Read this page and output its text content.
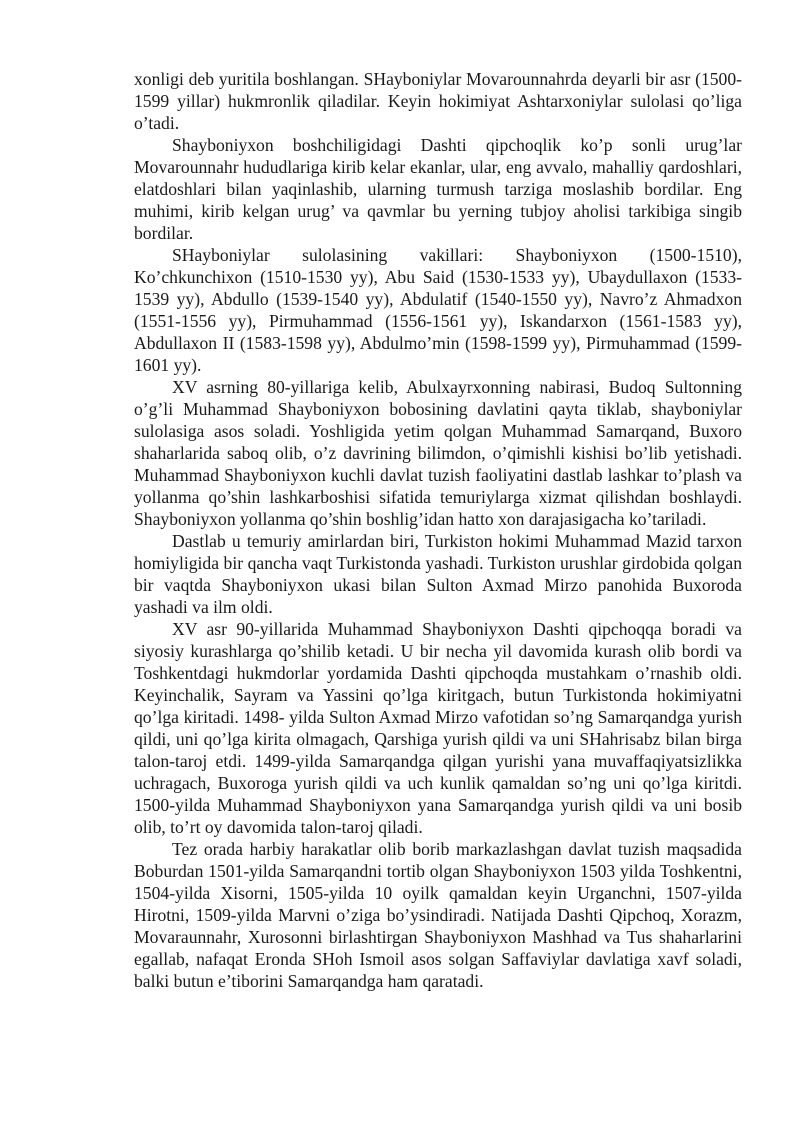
xonligi deb yuritila boshlangan. SHayboniylar Movarounnahrda deyarli bir asr (1500-1599 yillar) hukmronlik qiladilar. Keyin hokimiyat Ashtarxoniylar sulolasi qo’liga o’tadi.

Shayboniyxon boshchiligidagi Dashti qipchoqlik ko’p sonli urug’lar Movarounnahr hududlariga kirib kelar ekanlar, ular, eng avvalo, mahalliy qardoshlari, elatdoshlari bilan yaqinlashib, ularning turmush tarziga moslashib bordilar. Eng muhimi, kirib kelgan urug’ va qavmlar bu yerning tubjoy aholisi tarkibiga singib bordilar.

SHayboniylar sulolasining vakillari: Shayboniyxon (1500-1510), Ko’chkunchixon (1510-1530 yy), Abu Said (1530-1533 yy), Ubaydullaxon (1533-1539 yy), Abdullo (1539-1540 yy), Abdulatif (1540-1550 yy), Navro’z Ahmadxon (1551-1556 yy), Pirmuhammad (1556-1561 yy), Iskandarxon (1561-1583 yy), Abdullaxon II (1583-1598 yy), Abdulmo’min (1598-1599 yy), Pirmuhammad (1599-1601 yy).

XV asrning 80-yillariga kelib, Abulxayrxonning nabirasi, Budoq Sultonning o’g’li Muhammad Shayboniyxon bobosining davlatini qayta tiklab, shayboniylar sulolasiga asos soladi. Yoshligida yetim qolgan Muhammad Samarqand, Buxoro shaharlarida saboq olib, o’z davrining bilimdon, o’qimishli kishisi bo’lib yetishadi. Muhammad Shayboniyxon kuchli davlat tuzish faoliyatini dastlab lashkar to’plash va yollanma qo’shin lashkarboshisi sifatida temuriylarga xizmat qilishdan boshlaydi. Shayboniyxon yollanma qo’shin boshlig’idan hatto xon darajasigacha ko’tariladi.

Dastlab u temuriy amirlardan biri, Turkiston hokimi Muhammad Mazid tarxon homiyligida bir qancha vaqt Turkistonda yashadi. Turkiston urushlar girdobida qolgan bir vaqtda Shayboniyxon ukasi bilan Sulton Axmad Mirzo panohida Buxoroda yashadi va ilm oldi.

XV asr 90-yillarida Muhammad Shayboniyxon Dashti qipchoqqa boradi va siyosiy kurashlarga qo’shilib ketadi. U bir necha yil davomida kurash olib bordi va Toshkentdagi hukmdorlar yordamida Dashti qipchoqda mustahkam o’rnashib oldi. Keyinchalik, Sayram va Yassini qo’lga kiritgach, butun Turkistonda hokimiyatni qo’lga kiritadi. 1498- yilda Sulton Axmad Mirzo vafotidan so’ng Samarqandga yurish qildi, uni qo’lga kirita olmagach, Qarshiga yurish qildi va uni SHahrisabz bilan birga talon-taroj etdi. 1499-yilda Samarqandga qilgan yurishi yana muvaffaqiyatsizlikka uchragach, Buxoroga yurish qildi va uch kunlik qamaldan so’ng uni qo’lga kiritdi. 1500-yilda Muhammad Shayboniyxon yana Samarqandga yurish qildi va uni bosib olib, to’rt oy davomida talon-taroj qiladi.

Tez orada harbiy harakatlar olib borib markazlashgan davlat tuzish maqsadida Boburdan 1501-yilda Samarqandni tortib olgan Shayboniyxon 1503 yilda Toshkentni, 1504-yilda Xisorni, 1505-yilda 10 oyilk qamaldan keyin Urganchni, 1507-yilda Hirotni, 1509-yilda Marvni o’ziga bo’ysindiradi. Natijada Dashti Qipchoq, Xorazm, Movaraunnahr, Xurosonni birlashtirgan Shayboniyxon Mashhad va Tus shaharlarini egallab, nafaqat Eronda SHoh Ismoil asos solgan Saffaviylar davlatiga xavf soladi, balki butun e’tiborini Samarqandga ham qaratadi.
